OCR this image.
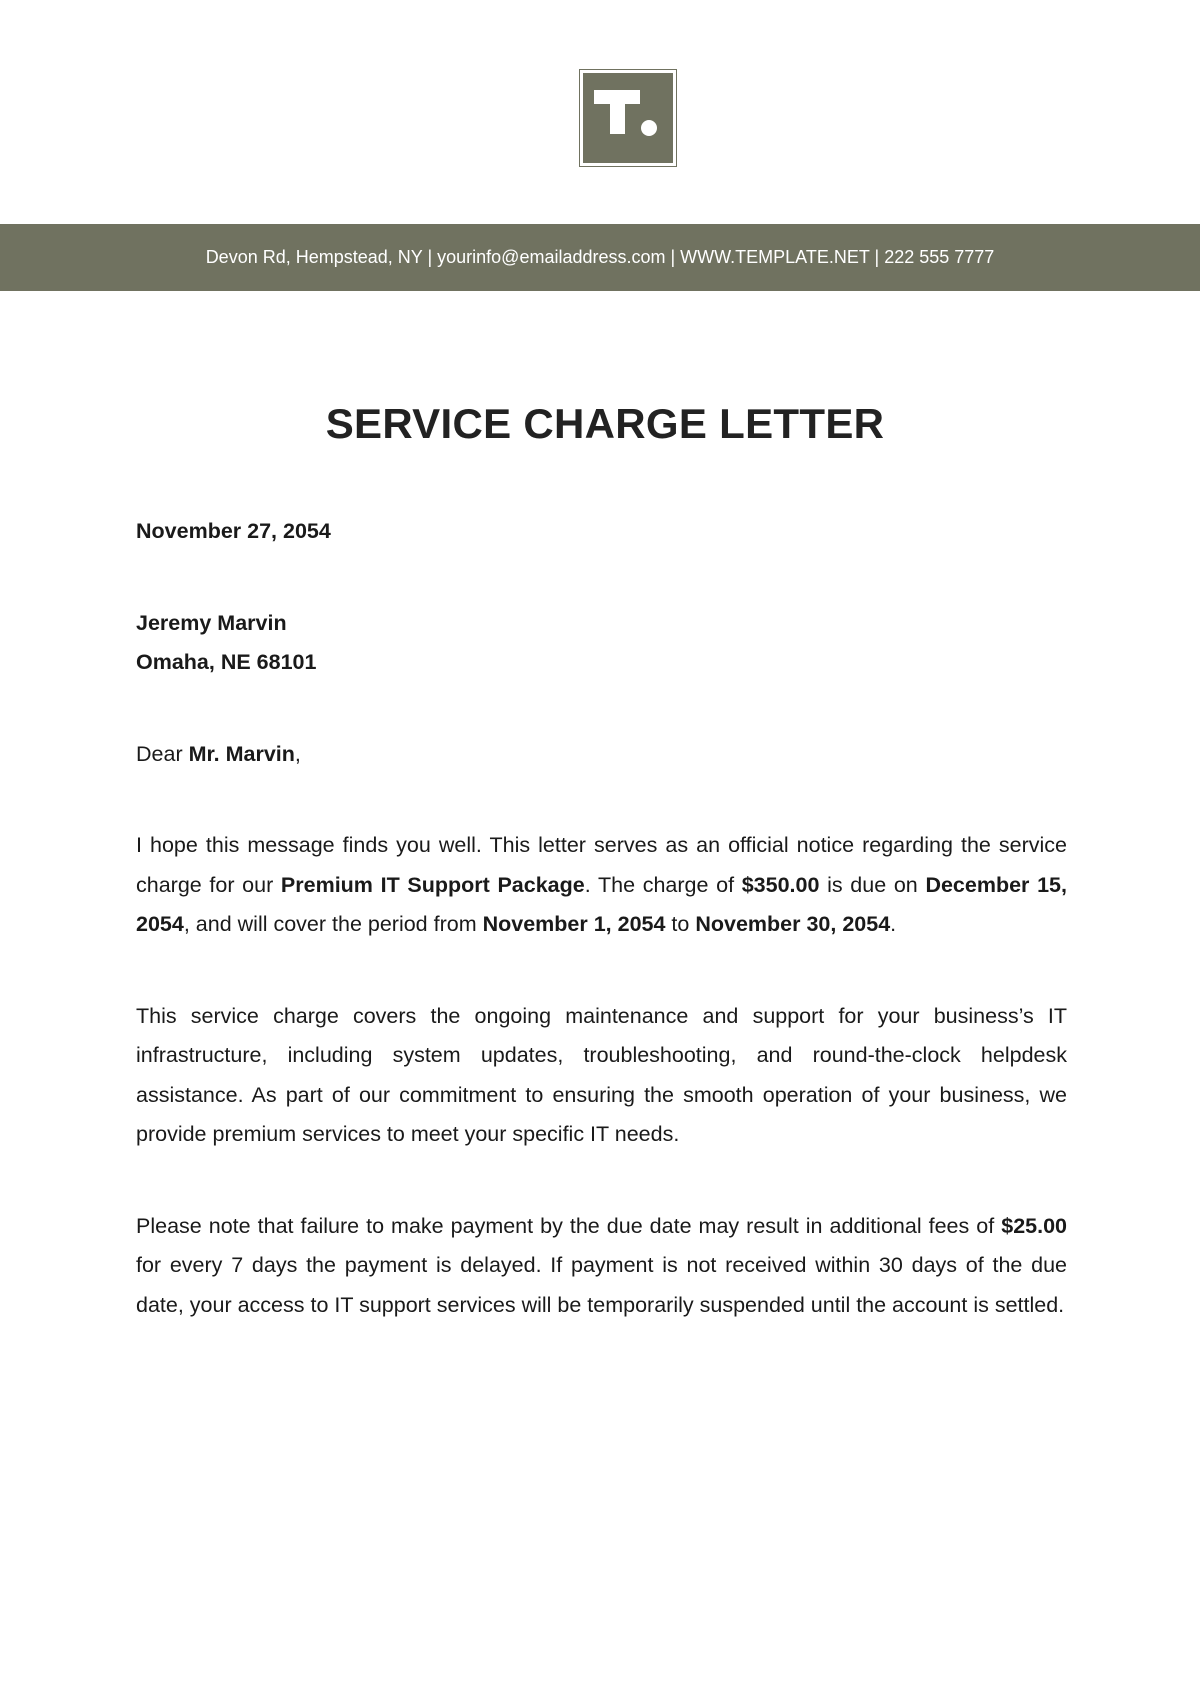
Devon Rd, Hempstead, NY | yourinfo@emailaddress.com | WWW.TEMPLATE.NET | 222 555 7777
SERVICE CHARGE LETTER

November 27, 2054

Jeremy Marvin
Omaha, NE 68101

Dear Mr. Marvin,

I hope this message finds you well. This letter serves as an official notice regarding the service charge for our Premium IT Support Package. The charge of $350.00 is due on December 15, 2054, and will cover the period from November 1, 2054 to November 30, 2054.

This service charge covers the ongoing maintenance and support for your business’s IT infrastructure, including system updates, troubleshooting, and round-the-clock helpdesk assistance. As part of our commitment to ensuring the smooth operation of your business, we provide premium services to meet your specific IT needs.

Please note that failure to make payment by the due date may result in additional fees of $25.00 for every 7 days the payment is delayed. If payment is not received within 30 days of the due date, your access to IT support services will be temporarily suspended until the account is settled.
